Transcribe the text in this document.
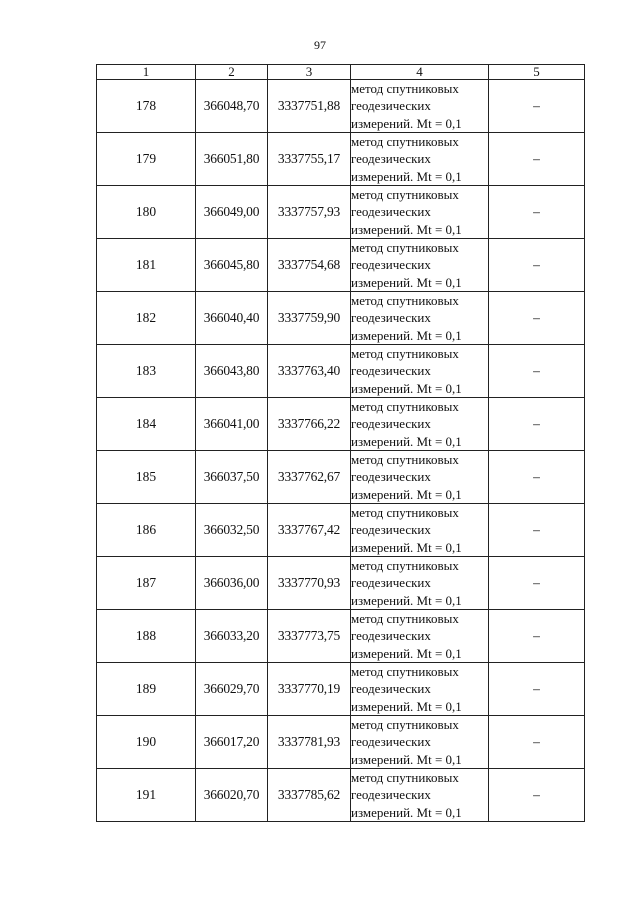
97
1	2	3	4	5
178	366048,70	3337751,88	метод спутниковых
геодезических
измерений. Mt = 0,1	–
179	366051,80	3337755,17	метод спутниковых
геодезических
измерений. Mt = 0,1	–
180	366049,00	3337757,93	метод спутниковых
геодезических
измерений. Mt = 0,1	–
181	366045,80	3337754,68	метод спутниковых
геодезических
измерений. Mt = 0,1	–
182	366040,40	3337759,90	метод спутниковых
геодезических
измерений. Mt = 0,1	–
183	366043,80	3337763,40	метод спутниковых
геодезических
измерений. Mt = 0,1	–
184	366041,00	3337766,22	метод спутниковых
геодезических
измерений. Mt = 0,1	–
185	366037,50	3337762,67	метод спутниковых
геодезических
измерений. Mt = 0,1	–
186	366032,50	3337767,42	метод спутниковых
геодезических
измерений. Mt = 0,1	–
187	366036,00	3337770,93	метод спутниковых
геодезических
измерений. Mt = 0,1	–
188	366033,20	3337773,75	метод спутниковых
геодезических
измерений. Mt = 0,1	–
189	366029,70	3337770,19	метод спутниковых
геодезических
измерений. Mt = 0,1	–
190	366017,20	3337781,93	метод спутниковых
геодезических
измерений. Mt = 0,1	–
191	366020,70	3337785,62	метод спутниковых
геодезических
измерений. Mt = 0,1	–
